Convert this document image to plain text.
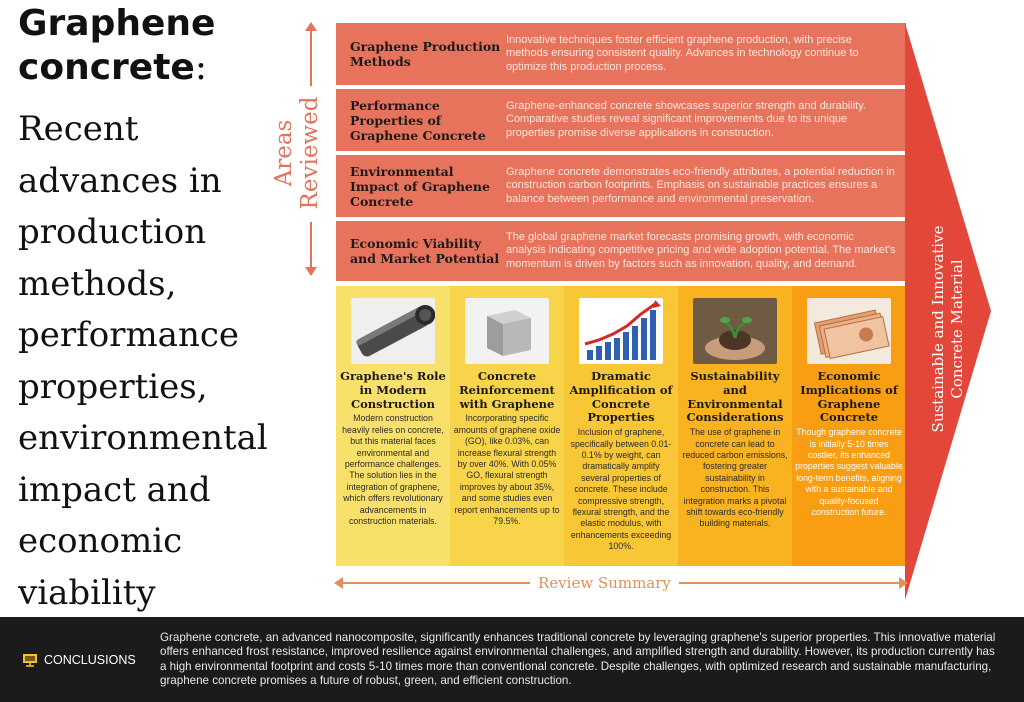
Graphene
concrete:
Recent
advances in
production
methods,
performance
properties,
environmental
impact and
economic
viability
Areas Reviewed
Graphene Production Methods
Innovative techniques foster efficient graphene production, with precise methods ensuring consistent quality. Advances in technology continue to optimize this production process.
Performance Properties of Graphene Concrete
Graphene-enhanced concrete showcases superior strength and durability. Comparative studies reveal significant improvements due to its unique properties promise diverse applications in construction.
Environmental Impact of Graphene Concrete
Graphene concrete demonstrates eco-friendly attributes, a potential reduction in construction carbon footprints. Emphasis on sustainable practices ensures a balance between performance and environmental preservation.
Economic Viability and Market Potential
The global graphene market forecasts promising growth, with economic analysis indicating competitive pricing and wide adoption potential. The market's momentum is driven by factors such as innovation, quality, and demand.
Graphene's Role in Modern Construction
Modern construction heavily relies on concrete, but this material faces environmental and performance challenges. The solution lies in the integration of graphene, which offers revolutionary advancements in construction materials.
Concrete Reinforcement with Graphene
Incorporating specific amounts of graphene oxide (GO), like 0.03%, can increase flexural strength by over 40%. With 0.05% GO, flexural strength improves by about 35%, and some studies even report enhancements up to 79.5%.
Dramatic Amplification of Concrete Properties
Inclusion of graphene, specifically between 0.01-0.1% by weight, can dramatically amplify several properties of concrete. These include compressive strength, flexural strength, and the elastic modulus, with enhancements exceeding 100%.
Sustainability and Environmental Considerations
The use of graphene in concrete can lead to reduced carbon emissions, fostering greater sustainability in construction. This integration marks a pivotal shift towards eco-friendly building materials.
Economic Implications of Graphene Concrete
Though graphene concrete is initially 5-10 times costlier, its enhanced properties suggest valuable long-term benefits, aligning with a sustainable and quality-focused construction future.
Sustainable and Innovative Concrete Material
Review Summary
CONCLUSIONS
Graphene concrete, an advanced nanocomposite, significantly enhances traditional concrete by leveraging graphene's superior properties. This innovative material offers enhanced frost resistance, improved resilience against environmental challenges, and amplified strength and durability. However, its production currently has a high environmental footprint and costs 5-10 times more than conventional concrete. Despite challenges, with optimized research and sustainable manufacturing, graphene concrete promises a future of robust, green, and efficient construction.
